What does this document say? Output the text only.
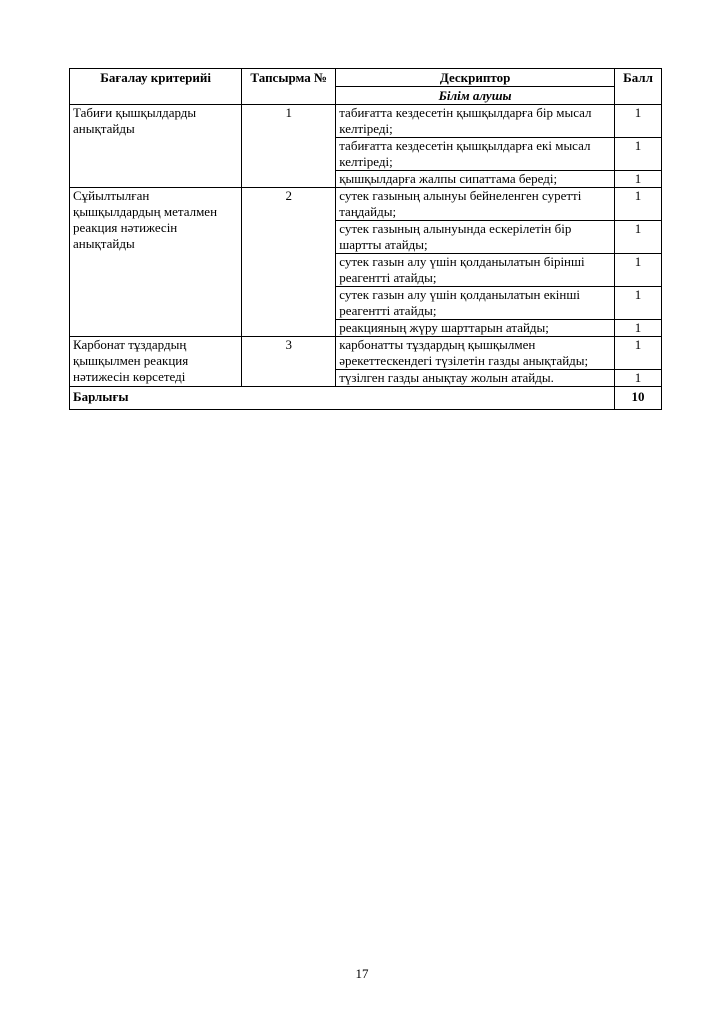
Бағалау критерийі	Тапсырма №	Дескриптор	Балл
		Білім алушы	
Табиғи қышқылдарды анықтайды	1	табиғатта кездесетін қышқылдарға бір мысал келтіреді;	1
		табиғатта кездесетін қышқылдарға екі мысал келтіреді;	1
		қышқылдарға жалпы сипаттама береді;	1
Сұйылтылған қышқылдардың металмен реакция нәтижесін анықтайды	2	сутек газының алынуы бейнеленген суретті таңдайды;	1
		сутек газының алынуында ескерілетін бір шартты атайды;	1
		сутек газын алу үшін қолданылатын бірінші реагентті атайды;	1
		сутек газын алу үшін қолданылатын екінші реагентті атайды;	1
		реакцияның жүру шарттарын атайды;	1
Карбонат тұздардың қышқылмен реакция нәтижесін көрсетеді	3	карбонатты тұздардың қышқылмен әрекеттескендегі түзілетін газды анықтайды;	1
		түзілген газды анықтау жолын атайды.	1
Барлығы			10
17
